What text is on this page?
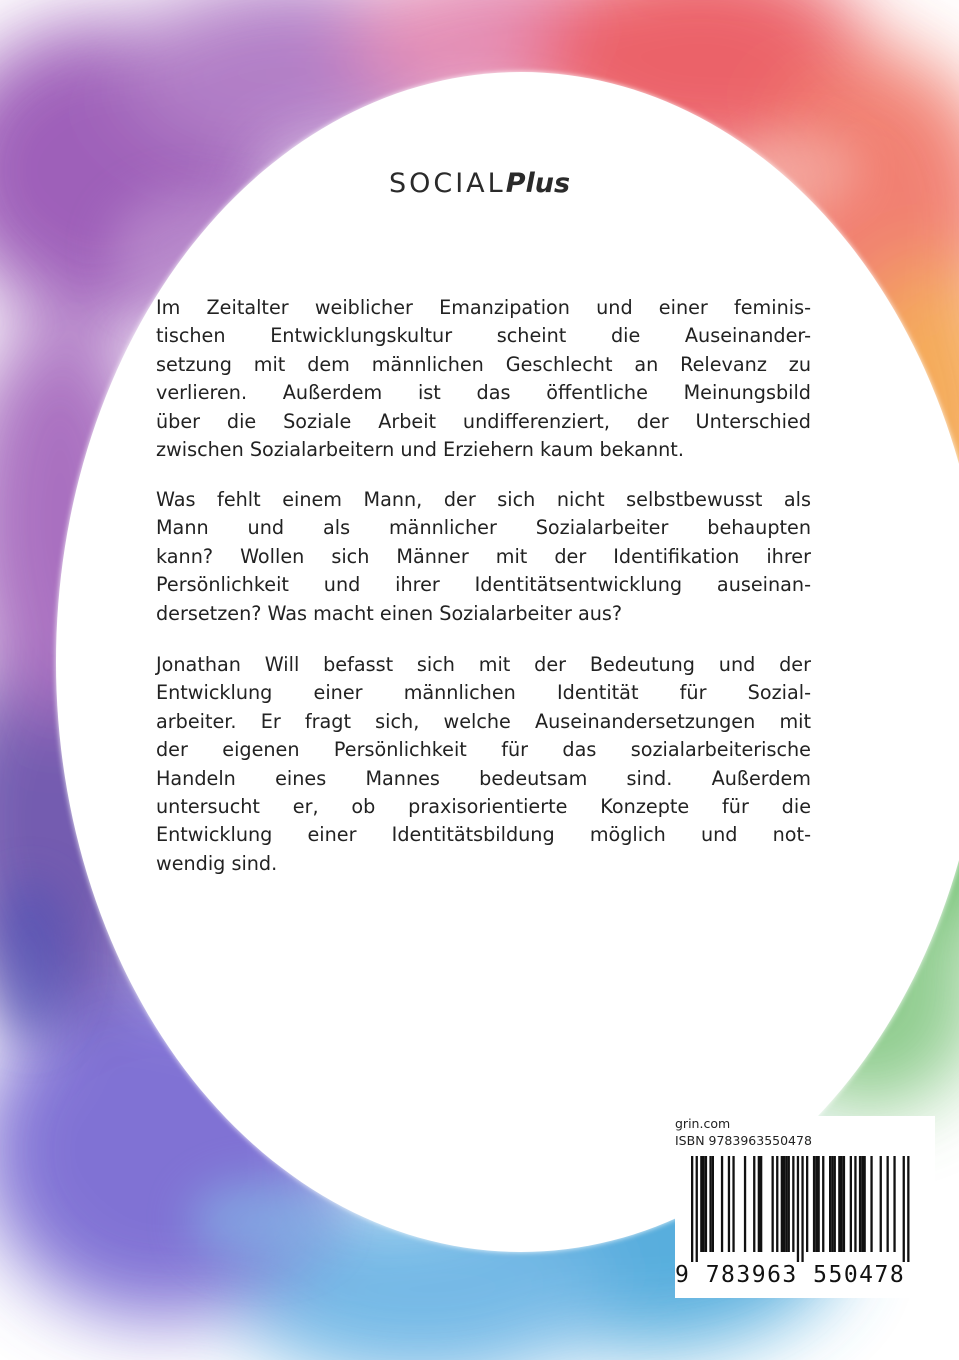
SOCIALPlus
Im Zeitalter weiblicher Emanzipation und einer feminis-
tischen Entwicklungskultur scheint die Auseinander-
setzung mit dem männlichen Geschlecht an Relevanz zu
verlieren. Außerdem ist das öffentliche Meinungsbild
über die Soziale Arbeit undifferenziert, der Unterschied
zwischen Sozialarbeitern und Erziehern kaum bekannt.
Was fehlt einem Mann, der sich nicht selbstbewusst als
Mann und als männlicher Sozialarbeiter behaupten
kann? Wollen sich Männer mit der Identifikation ihrer
Persönlichkeit und ihrer Identitätsentwicklung auseinan-
dersetzen? Was macht einen Sozialarbeiter aus?
Jonathan Will befasst sich mit der Bedeutung und der
Entwicklung einer männlichen Identität für Sozial-
arbeiter. Er fragt sich, welche Auseinandersetzungen mit
der eigenen Persönlichkeit für das sozialarbeiterische
Handeln eines Mannes bedeutsam sind. Außerdem
untersucht er, ob praxisorientierte Konzepte für die
Entwicklung einer Identitätsbildung möglich und not-
wendig sind.
grin.com
ISBN 9783963550478
9 783963 550478
